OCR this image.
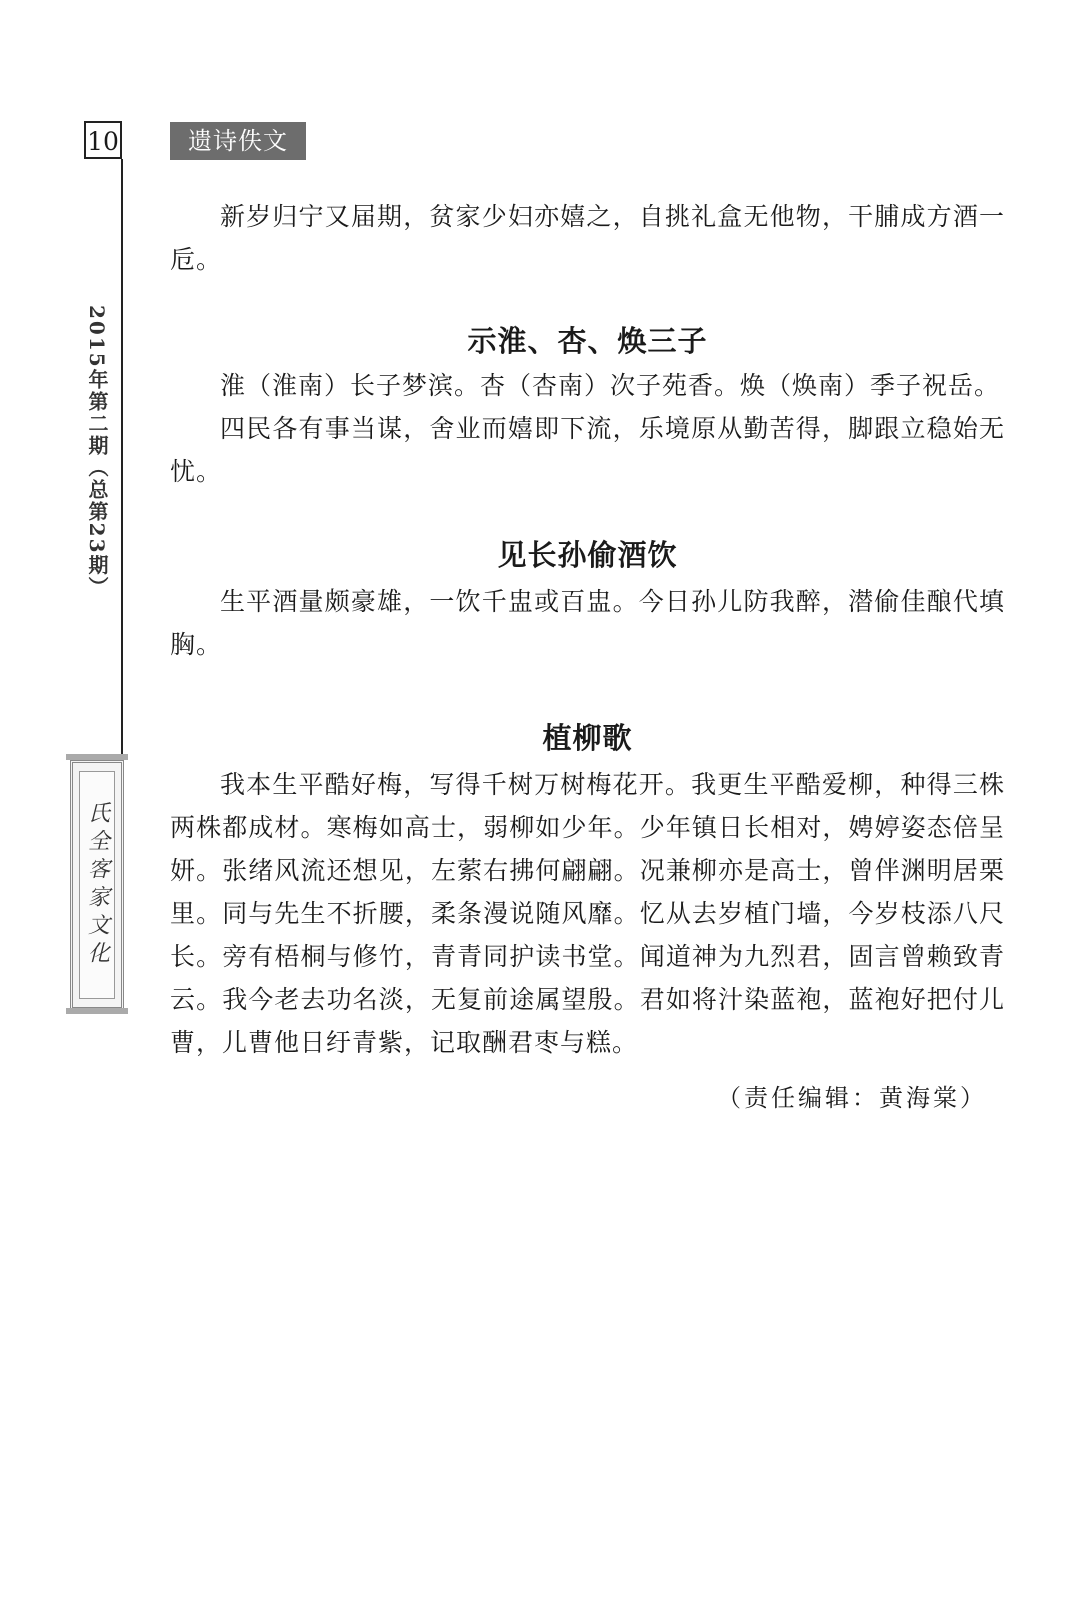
10	遗诗佚文
2015年第二期（总第23期）
氏全客家文化

新岁归宁又届期，贫家少妇亦嬉之，自挑礼盒无他物，干脯成方酒一卮。

示淮、杏、焕三子

淮（淮南）长子梦滨。杏（杏南）次子苑香。焕（焕南）季子祝岳。

四民各有事当谋，舍业而嬉即下流，乐境原从勤苦得，脚跟立稳始无忧。

见长孙偷酒饮

生平酒量颇豪雄，一饮千盅或百盅。今日孙儿防我醉，潜偷佳酿代填胸。

植柳歌

我本生平酷好梅，写得千树万树梅花开。我更生平酷爱柳，种得三株两株都成材。寒梅如高士，弱柳如少年。少年镇日长相对，娉婷姿态倍呈妍。张绪风流还想见，左萦右拂何翩翩。况兼柳亦是高士，曾伴渊明居栗里。同与先生不折腰，柔条漫说随风靡。忆从去岁植门墙，今岁枝添八尺长。旁有梧桐与修竹，青青同护读书堂。闻道神为九烈君，固言曾赖致青云。我今老去功名淡，无复前途属望殷。君如将汁染蓝袍，蓝袍好把付儿曹，儿曹他日纡青紫，记取酬君枣与糕。

（责任编辑：黄海棠）
